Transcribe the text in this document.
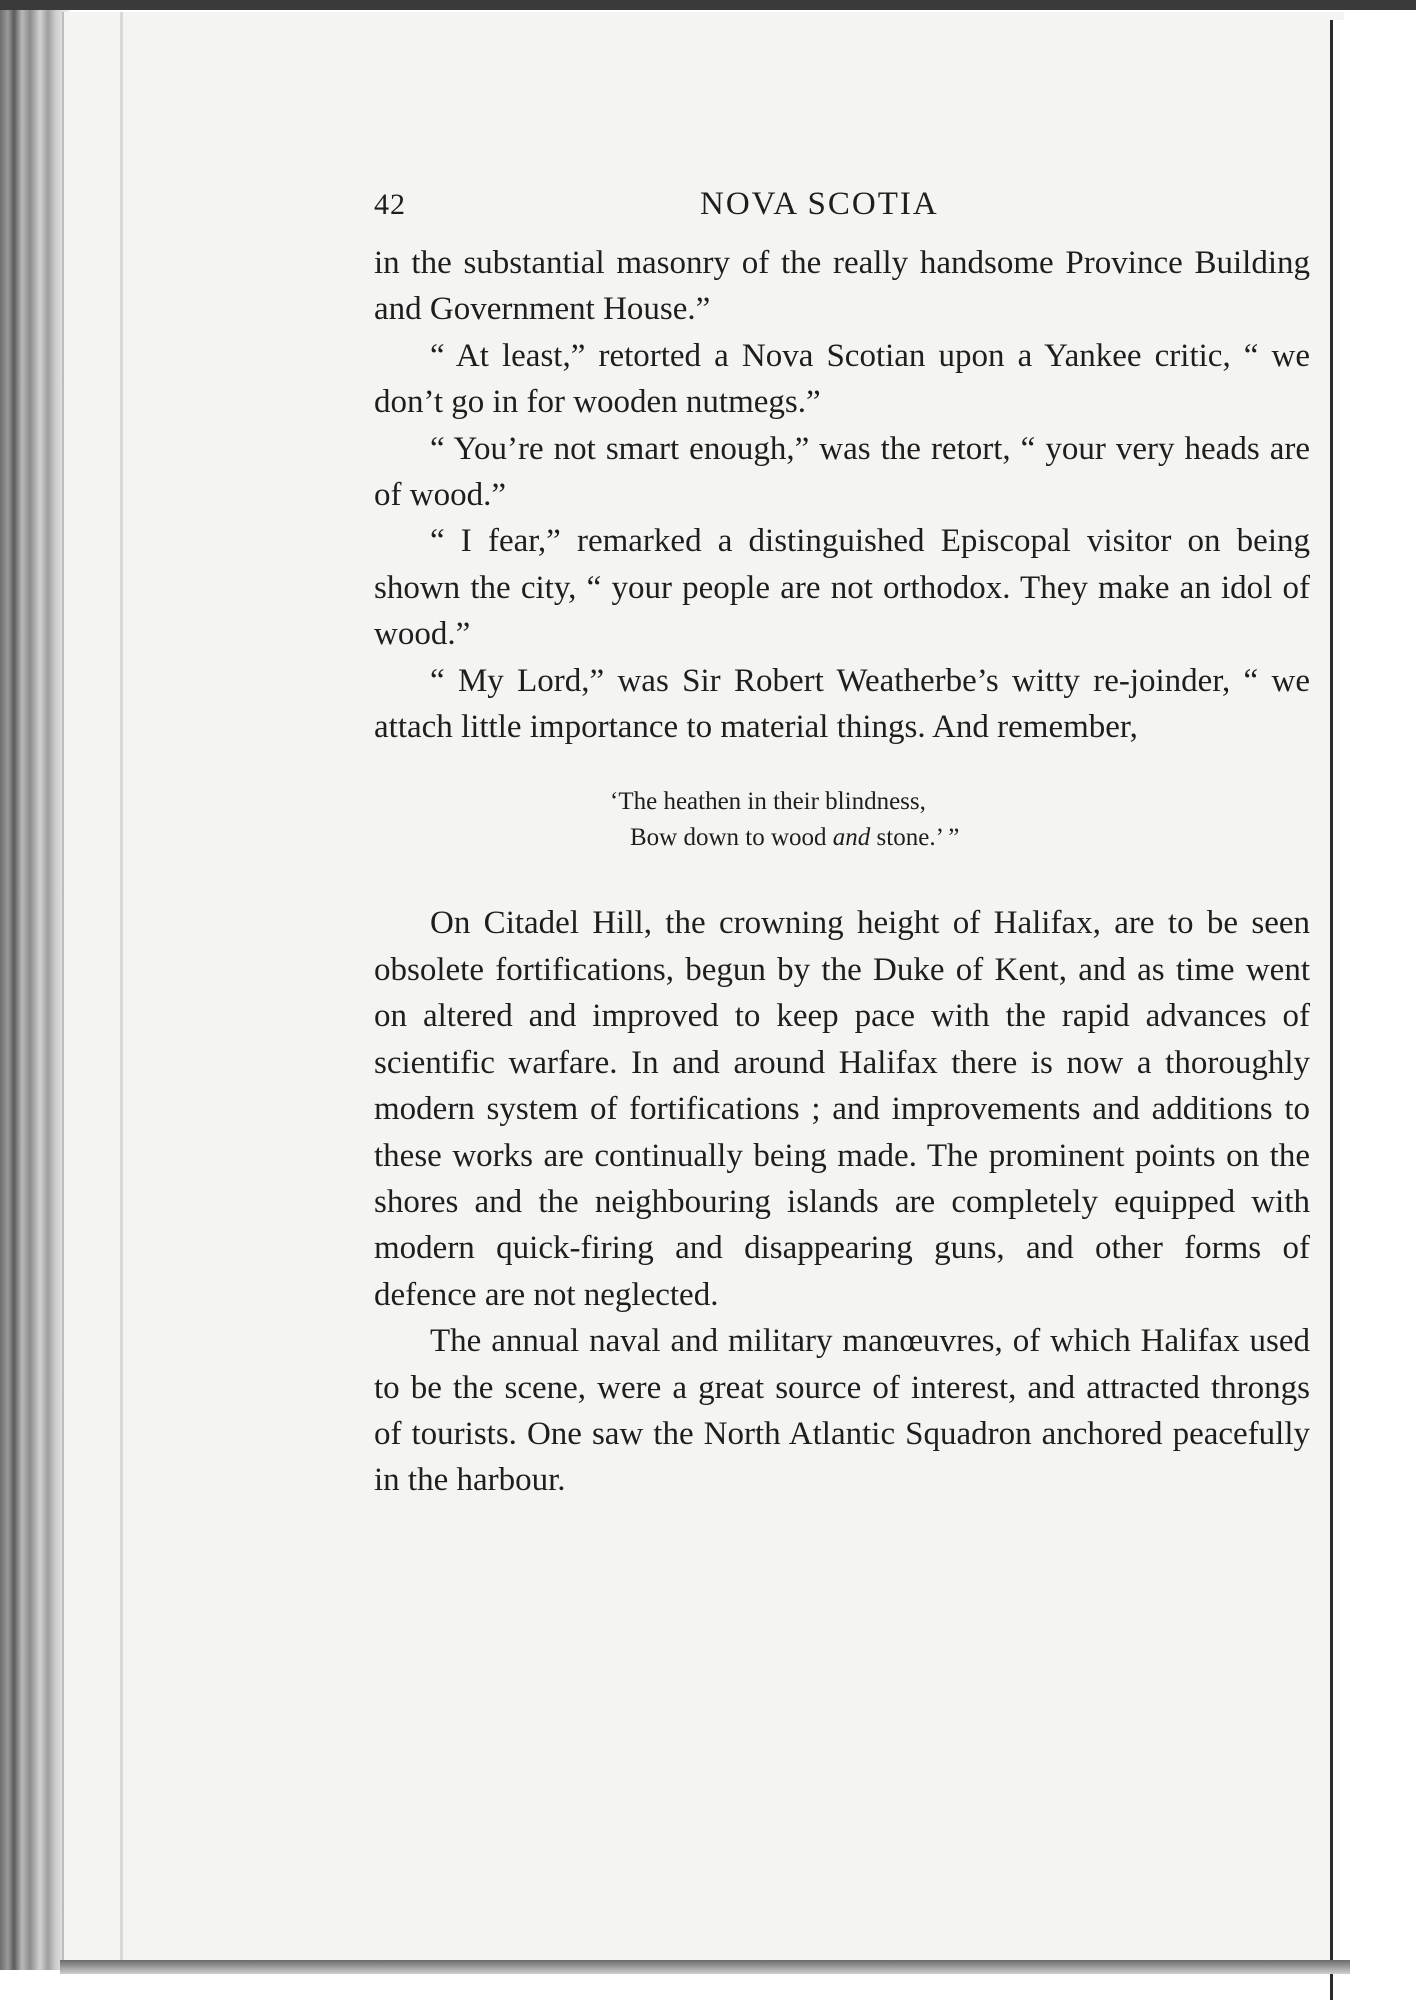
42	NOVA SCOTIA

in the substantial masonry of the really handsome Province Building and Government House.”

“ At least,” retorted a Nova Scotian upon a Yankee critic, “ we don’t go in for wooden nutmegs.”

“ You’re not smart enough,” was the retort, “ your very heads are of wood.”

“ I fear,” remarked a distinguished Episcopal visitor on being shown the city, “ your people are not orthodox. They make an idol of wood.”

“ My Lord,” was Sir Robert Weatherbe’s witty re-joinder, “ we attach little importance to material things. And remember,

‘The heathen in their blindness,
Bow down to wood and stone.’ ”

On Citadel Hill, the crowning height of Halifax, are to be seen obsolete fortifications, begun by the Duke of Kent, and as time went on altered and improved to keep pace with the rapid advances of scientific warfare. In and around Halifax there is now a thoroughly modern system of fortifications ; and improvements and additions to these works are continually being made. The prominent points on the shores and the neighbouring islands are completely equipped with modern quick-firing and disappearing guns, and other forms of defence are not neglected.

The annual naval and military manœuvres, of which Halifax used to be the scene, were a great source of interest, and attracted throngs of tourists. One saw the North Atlantic Squadron anchored peacefully in the harbour.
